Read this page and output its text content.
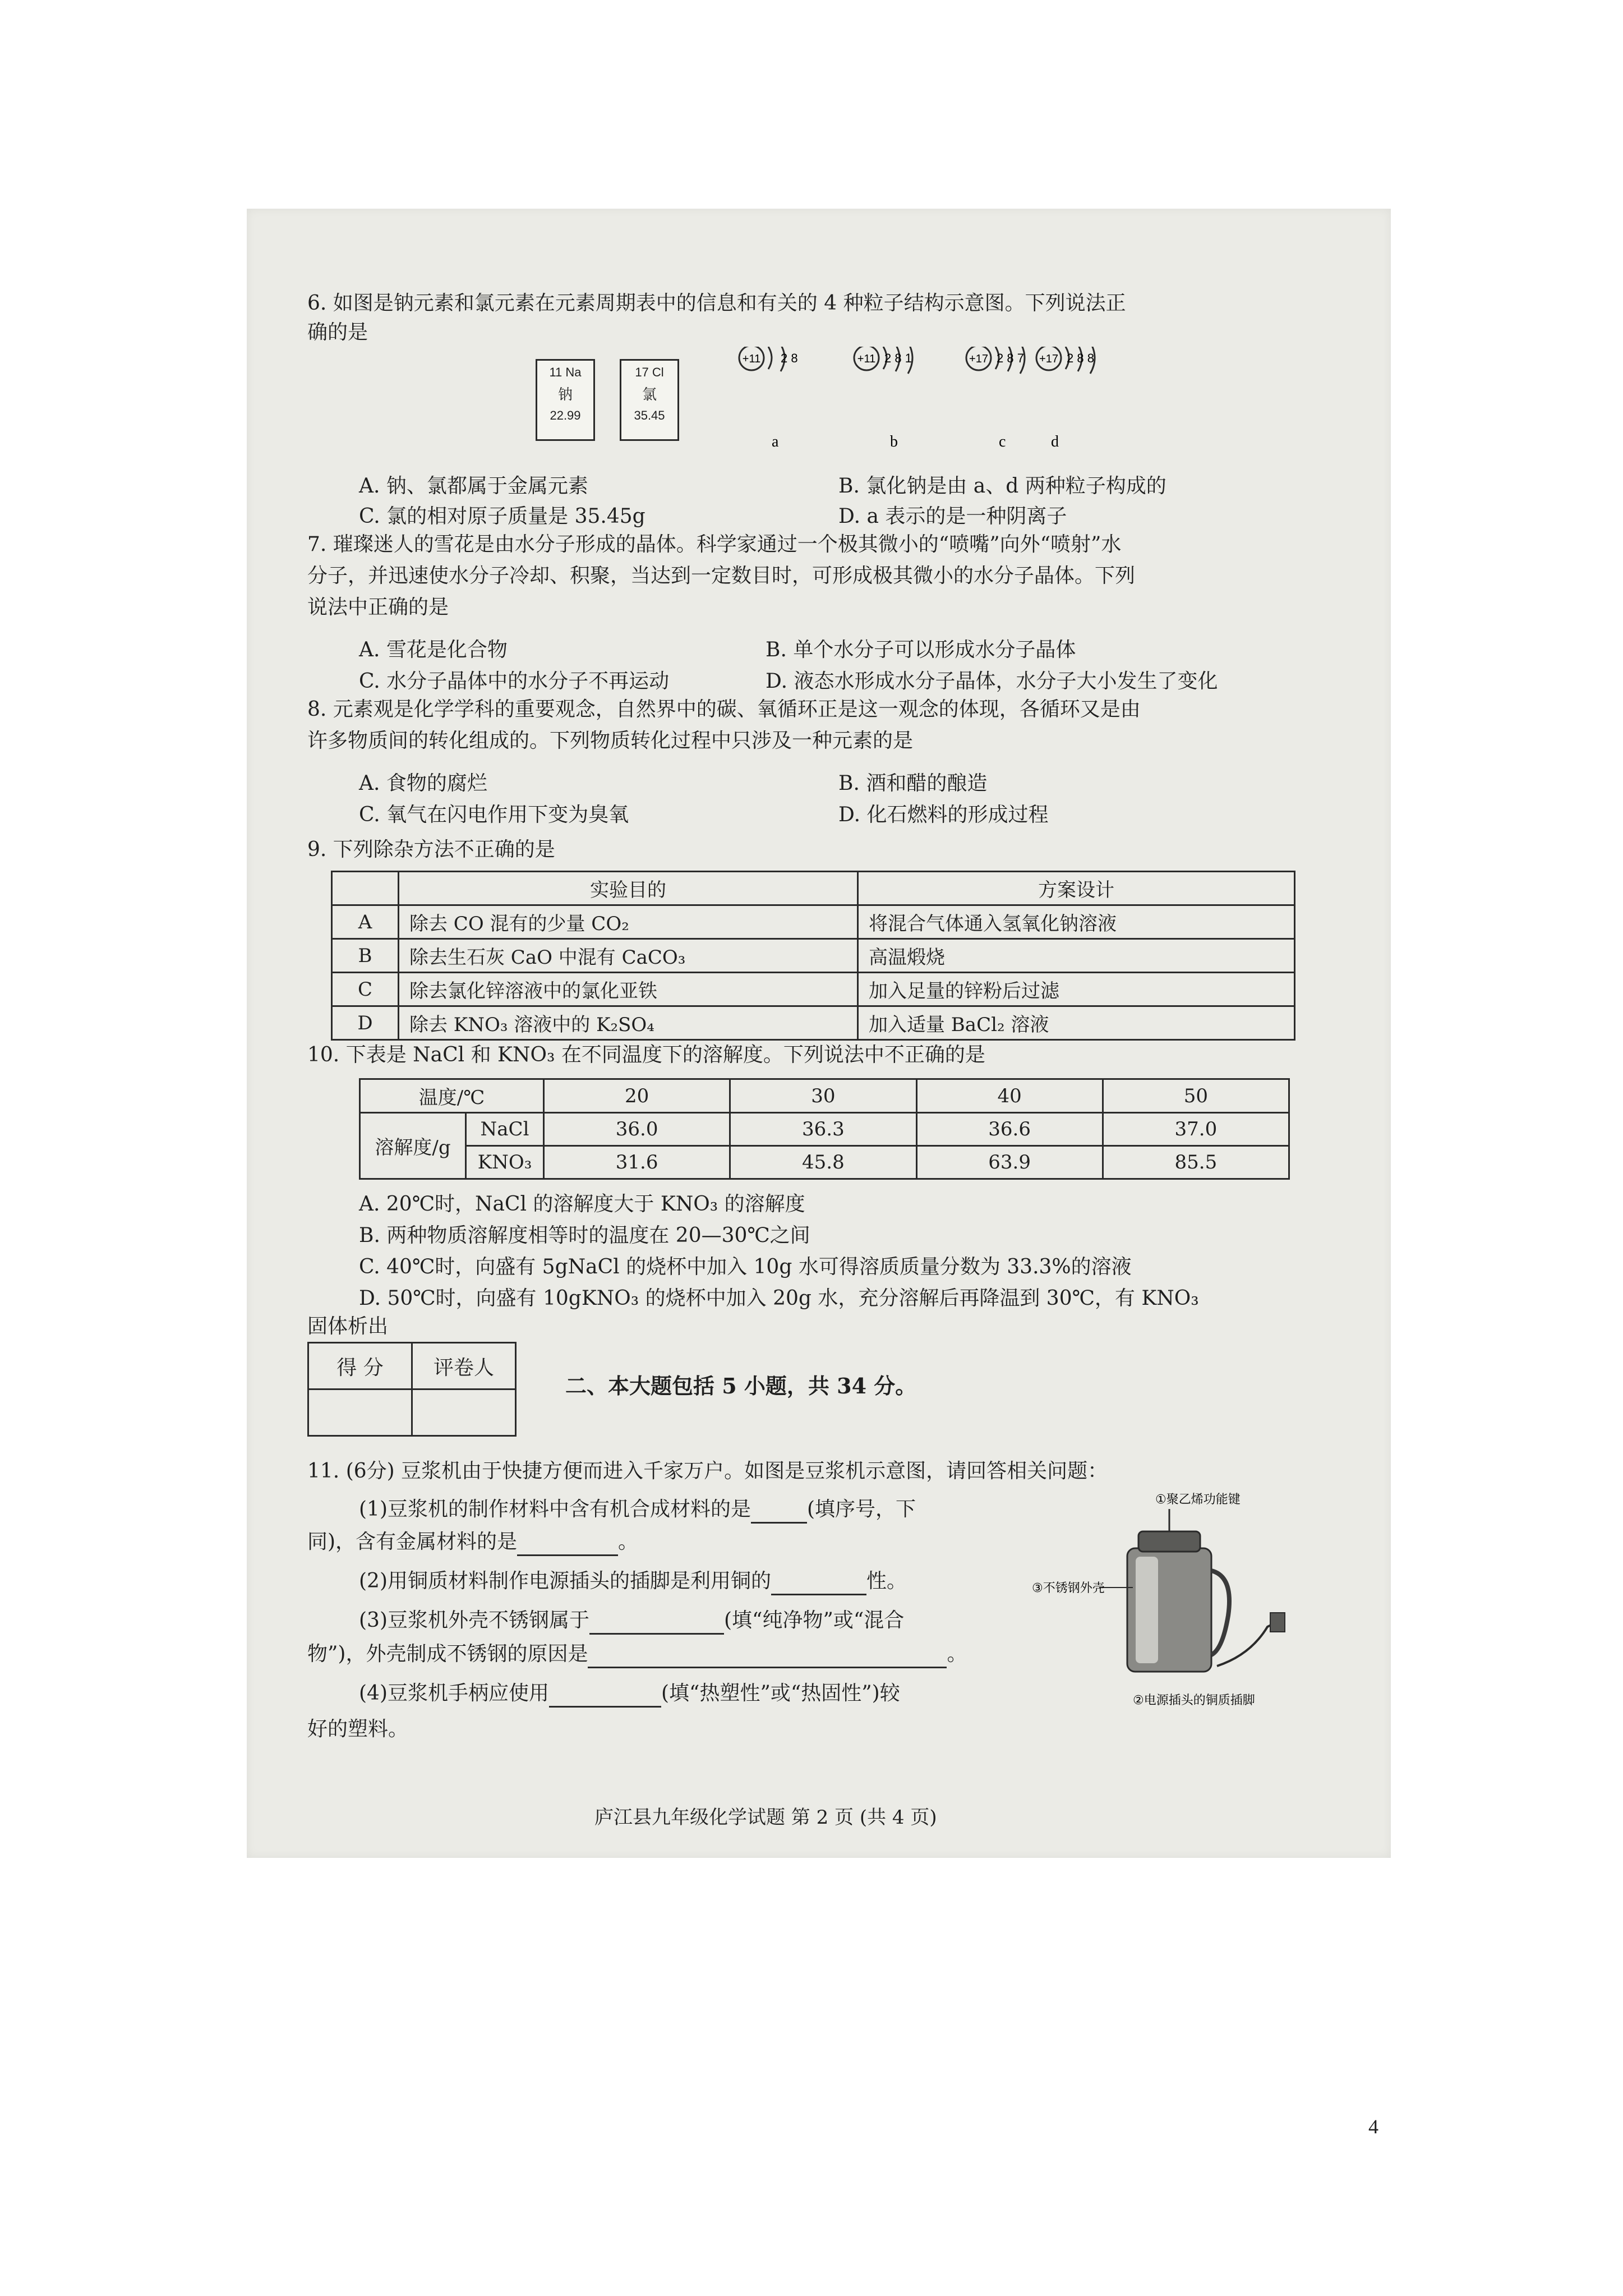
6. 如图是钠元素和氯元素在元素周期表中的信息和有关的 4 种粒子结构示意图。下列说法正
确的是
11 Na
钠
22.99
17 Cl
氯
35.45
+11 2 8
a
+11 2 8 1
b
+17 2 8 7
c
+17 2 8 8
d
A. 钠、氯都属于金属元素	B. 氯化钠是由 a、d 两种粒子构成的
C. 氯的相对原子质量是 35.45g	D. a 表示的是一种阴离子
7. 璀璨迷人的雪花是由水分子形成的晶体。科学家通过一个极其微小的“喷嘴”向外“喷射”水
分子，并迅速使水分子冷却、积聚，当达到一定数目时，可形成极其微小的水分子晶体。下列
说法中正确的是
A. 雪花是化合物	B. 单个水分子可以形成水分子晶体
C. 水分子晶体中的水分子不再运动	D. 液态水形成水分子晶体，水分子大小发生了变化
8. 元素观是化学学科的重要观念，自然界中的碳、氧循环正是这一观念的体现，各循环又是由
许多物质间的转化组成的。下列物质转化过程中只涉及一种元素的是
A. 食物的腐烂	B. 酒和醋的酿造
C. 氧气在闪电作用下变为臭氧	D. 化石燃料的形成过程
9. 下列除杂方法不正确的是
	实验目的	方案设计
A	除去 CO 混有的少量 CO₂	将混合气体通入氢氧化钠溶液
B	除去生石灰 CaO 中混有 CaCO₃	高温煅烧
C	除去氯化锌溶液中的氯化亚铁	加入足量的锌粉后过滤
D	除去 KNO₃ 溶液中的 K₂SO₄	加入适量 BaCl₂ 溶液
10. 下表是 NaCl 和 KNO₃ 在不同温度下的溶解度。下列说法中不正确的是
温度/℃		20	30	40	50
溶解度/g	NaCl	36.0	36.3	36.6	37.0
	KNO₃	31.6	45.8	63.9	85.5
A. 20℃时，NaCl 的溶解度大于 KNO₃ 的溶解度
B. 两种物质溶解度相等时的温度在 20—30℃之间
C. 40℃时，向盛有 5gNaCl 的烧杯中加入 10g 水可得溶质质量分数为 33.3%的溶液
D. 50℃时，向盛有 10gKNO₃ 的烧杯中加入 20g 水，充分溶解后再降温到 30℃，有 KNO₃
固体析出
得 分	评卷人

二、本大题包括 5 小题，共 34 分。
11. (6分) 豆浆机由于快捷方便而进入千家万户。如图是豆浆机示意图，请回答相关问题：
(1)豆浆机的制作材料中含有机合成材料的是	(填序号，下
同)，含有金属材料的是	。
(2)用铜质材料制作电源插头的插脚是利用铜的	性。
(3)豆浆机外壳不锈钢属于	(填“纯净物”或“混合
物”)，外壳制成不锈钢的原因是	。
(4)豆浆机手柄应使用	(填“热塑性”或“热固性”)较
好的塑料。
①聚乙烯功能键
③不锈钢外壳
②电源插头的铜质插脚
庐江县九年级化学试题 第 2 页 (共 4 页)
4
